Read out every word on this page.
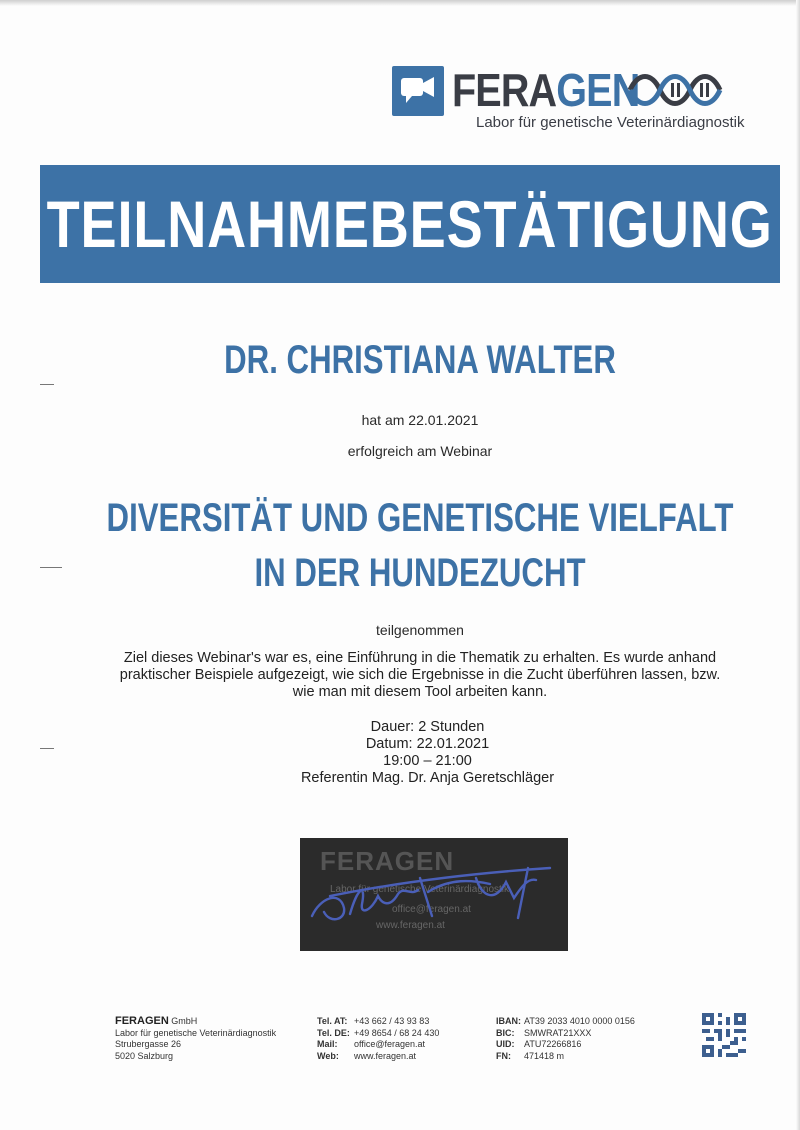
FERAGEN
Labor für genetische Veterinärdiagnostik
TEILNAHMEBESTÄTIGUNG
DR. CHRISTIANA WALTER
hat am 22.01.2021
erfolgreich am Webinar
DIVERSITÄT UND GENETISCHE VIELFALT
IN DER HUNDEZUCHT
teilgenommen
Ziel dieses Webinar's war es, eine Einführung in die Thematik zu erhalten. Es wurde anhand
praktischer Beispiele aufgezeigt, wie sich die Ergebnisse in die Zucht überführen lassen, bzw.
wie man mit diesem Tool arbeiten kann.
Dauer: 2 Stunden
Datum: 22.01.2021
19:00 – 21:00
Referentin Mag. Dr. Anja Geretschläger
FERAGEN
Labor für genetische Veterinärdiagnostik
office@feragen.at
www.feragen.at
FERAGEN GmbH
Labor für genetische Veterinärdiagnostik
Strubergasse 26
5020 Salzburg
Tel. AT: +43 662 / 43 93 83
Tel. DE: +49 8654 / 68 24 430
Mail: office@feragen.at
Web: www.feragen.at
IBAN: AT39 2033 4010 0000 0156
BIC: SMWRAT21XXX
UID: ATU72266816
FN: 471418 m
